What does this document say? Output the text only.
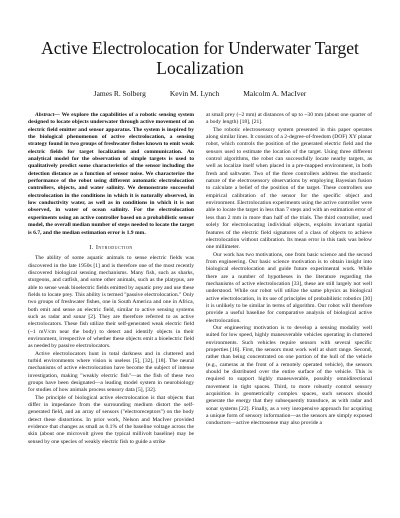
Active Electrolocation for Underwater Target Localization
James R. Solberg	Kevin M. Lynch	Malcolm A. MacIver

Abstract— We explore the capabilities of a robotic sensing system designed to locate objects underwater through active movement of an electric field emitter and sensor apparatus. The system is inspired by the biological phenomenon of active electrolocation, a sensing strategy found in two groups of freshwater fishes known to emit weak electric fields for target localization and communication. An analytical model for the observation of simple targets is used to qualitatively predict some characteristics of the sensor including the detection distance as a function of sensor noise. We characterize the performance of the robot using different automatic electrolocation controllers, objects, and water salinity. We demonstrate successful electrolocation in the conditions in which it is naturally observed, in low conductivity water, as well as in conditions in which it is not observed, in water of ocean salinity. For the electrolocation experiments using an active controller based on a probabilistic sensor model, the overall median number of steps needed to locate the target is 6.7, and the median estimation error is 1.9 mm.

I. Introduction

The ability of some aquatic animals to sense electric fields was discovered in the late 1950s [1] and is therefore one of the most recently discovered biological sensing mechanisms. Many fish, such as sharks, sturgeons, and catfish, and some other animals, such as the platypus, are able to sense weak bioelectric fields emitted by aquatic prey and use these fields to locate prey. This ability is termed "passive electrolocation." Only two groups of freshwater fishes, one in South America and one in Africa, both emit and sense an electric field, similar to active sensing systems such as radar and sonar [2]. They are therefore referred to as active electrolocators. These fish utilize their self-generated weak electric field (~1 mV/cm near the body) to detect and identify objects in their environment, irrespective of whether these objects emit a bioelectric field as needed by passive electrolocators.

Active electrolocators hunt in total darkness and in cluttered and turbid environments where vision is useless [5], [32], [18]. The neural mechanisms of active electrolocation have become the subject of intense investigation, making "weakly electric fish"—as the fish of these two groups have been designated—a leading model system in neurobiology for studies of how animals process sensory data [5], [32].

The principle of biological active electrolocation is that objects that differ in impedance from the surrounding medium distort the self-generated field, and an array of sensors ("electroreceptors") on the body detect these distortions. In prior work, Nelson and MacIver provided evidence that changes as small as 0.1% of the baseline voltage across the skin (about one microvolt given the typical millivolt baseline) may be sensed by one species of weakly electric fish to guide a strike

at small prey (~2 mm) at distances of up to ~30 mm (about one quarter of a body length) [18], [21].

The robotic electrosensory system presented in this paper operates along similar lines. It consists of a 2-degree-of-freedom (DOF) XY planar robot, which controls the position of the generated electric field and the sensors used to estimate the location of the target. Using three different control algorithms, the robot can successfully locate nearby targets, as well as localize itself when placed in a pre-mapped environment, in both fresh and saltwater. Two of the three controllers address the stochastic nature of the electrosensory observations by employing Bayesian fusion to calculate a belief of the position of the target. These controllers use empirical calibration of the sensor for the specific object and environment. Electrolocation experiments using the active controller were able to locate the target in less than 7 steps and with an estimation error of less than 2 mm in more than half of the trials. The third controller, used solely for electrolocating individual objects, exploits invariant spatial features of the electric field signatures of a class of objects to achieve electrolocation without calibration. Its mean error in this task was below one millimeter.

Our work has two motivations, one from basic science and the second from engineering. Our basic science motivation is to obtain insight into biological electrolocation and guide future experimental work. While there are a number of hypotheses in the literature regarding the mechanisms of active electrolocation [33], these are still largely not well understood. While our robot will utilize the same physics as biological active electrolocation, in its use of principles of probabilistic robotics [30] it is unlikely to be similar in terms of algorithm. Our robot will therefore provide a useful baseline for comparative analysis of biological active electrolocation.

Our engineering motivation is to develop a sensing modality well suited for low speed, highly maneuverable vehicles operating in cluttered environments. Such vehicles require sensors with several specific properties [16]. First, the sensors must work well at short range. Second, rather than being concentrated on one portion of the hull of the vehicle (e.g., cameras at the front of a remotely operated vehicle), the sensors should be distributed over the entire surface of the vehicle. This is required to support highly maneuverable, possibly omnidirectional movement in tight spaces. Third, to more robustly control sensory acquisition in geometrically complex spaces, such sensors should generate the energy that they subsequently transduce, as with radar and sonar systems [22]. Finally, as a very inexpensive approach for acquiring a unique form of sensory information—as the sensors are simply exposed conductors—active electrosense may also provide a
